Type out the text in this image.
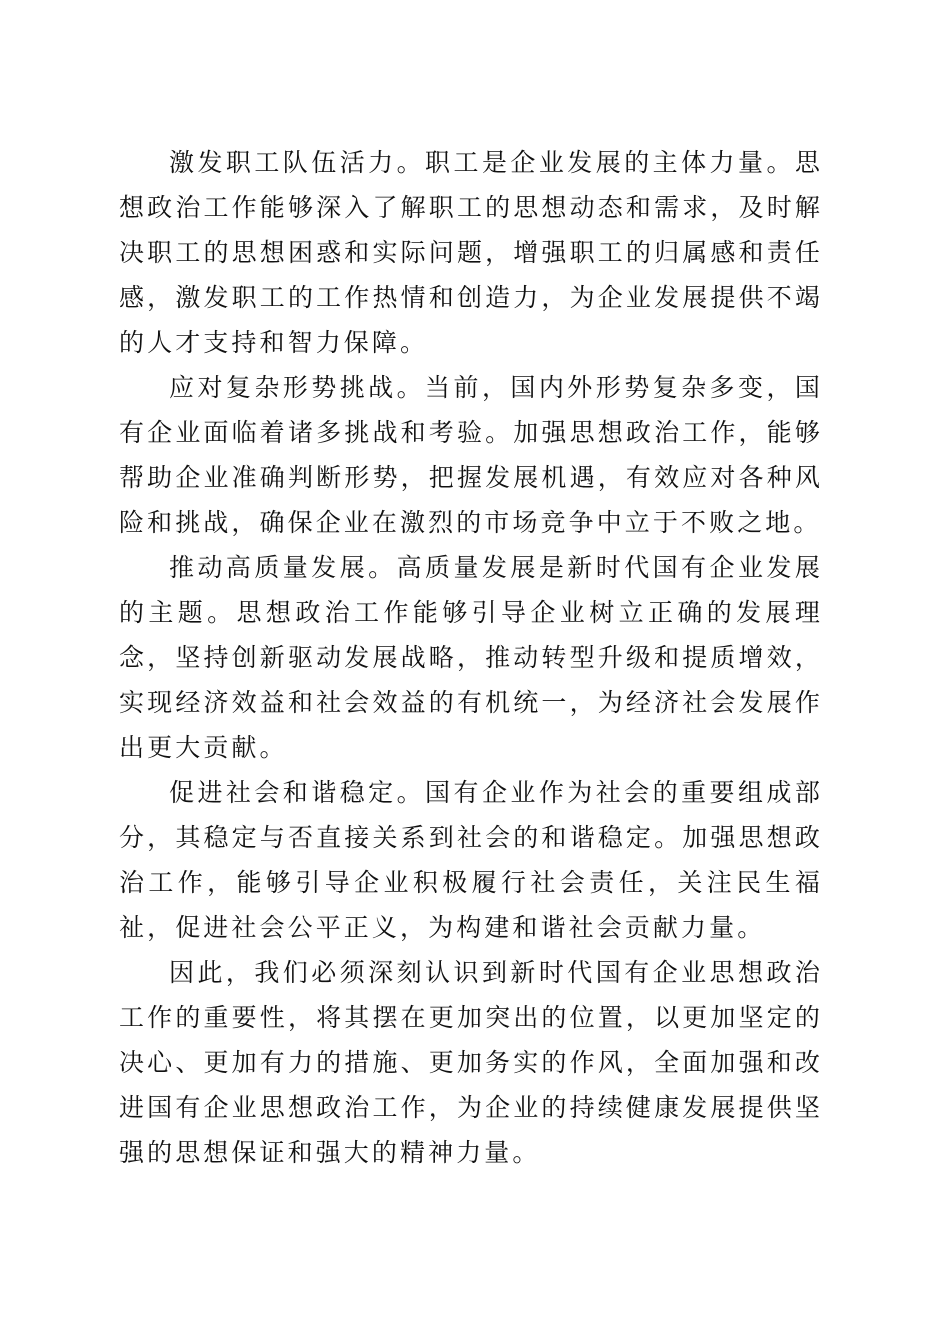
激发职工队伍活力。职工是企业发展的主体力量。思想政治工作能够深入了解职工的思想动态和需求，及时解决职工的思想困惑和实际问题，增强职工的归属感和责任感，激发职工的工作热情和创造力，为企业发展提供不竭的人才支持和智力保障。

应对复杂形势挑战。当前，国内外形势复杂多变，国有企业面临着诸多挑战和考验。加强思想政治工作，能够帮助企业准确判断形势，把握发展机遇，有效应对各种风险和挑战，确保企业在激烈的市场竞争中立于不败之地。

推动高质量发展。高质量发展是新时代国有企业发展的主题。思想政治工作能够引导企业树立正确的发展理念，坚持创新驱动发展战略，推动转型升级和提质增效，实现经济效益和社会效益的有机统一，为经济社会发展作出更大贡献。

促进社会和谐稳定。国有企业作为社会的重要组成部分，其稳定与否直接关系到社会的和谐稳定。加强思想政治工作，能够引导企业积极履行社会责任，关注民生福祉，促进社会公平正义，为构建和谐社会贡献力量。

因此，我们必须深刻认识到新时代国有企业思想政治工作的重要性，将其摆在更加突出的位置，以更加坚定的决心、更加有力的措施、更加务实的作风，全面加强和改进国有企业思想政治工作，为企业的持续健康发展提供坚强的思想保证和强大的精神力量。
